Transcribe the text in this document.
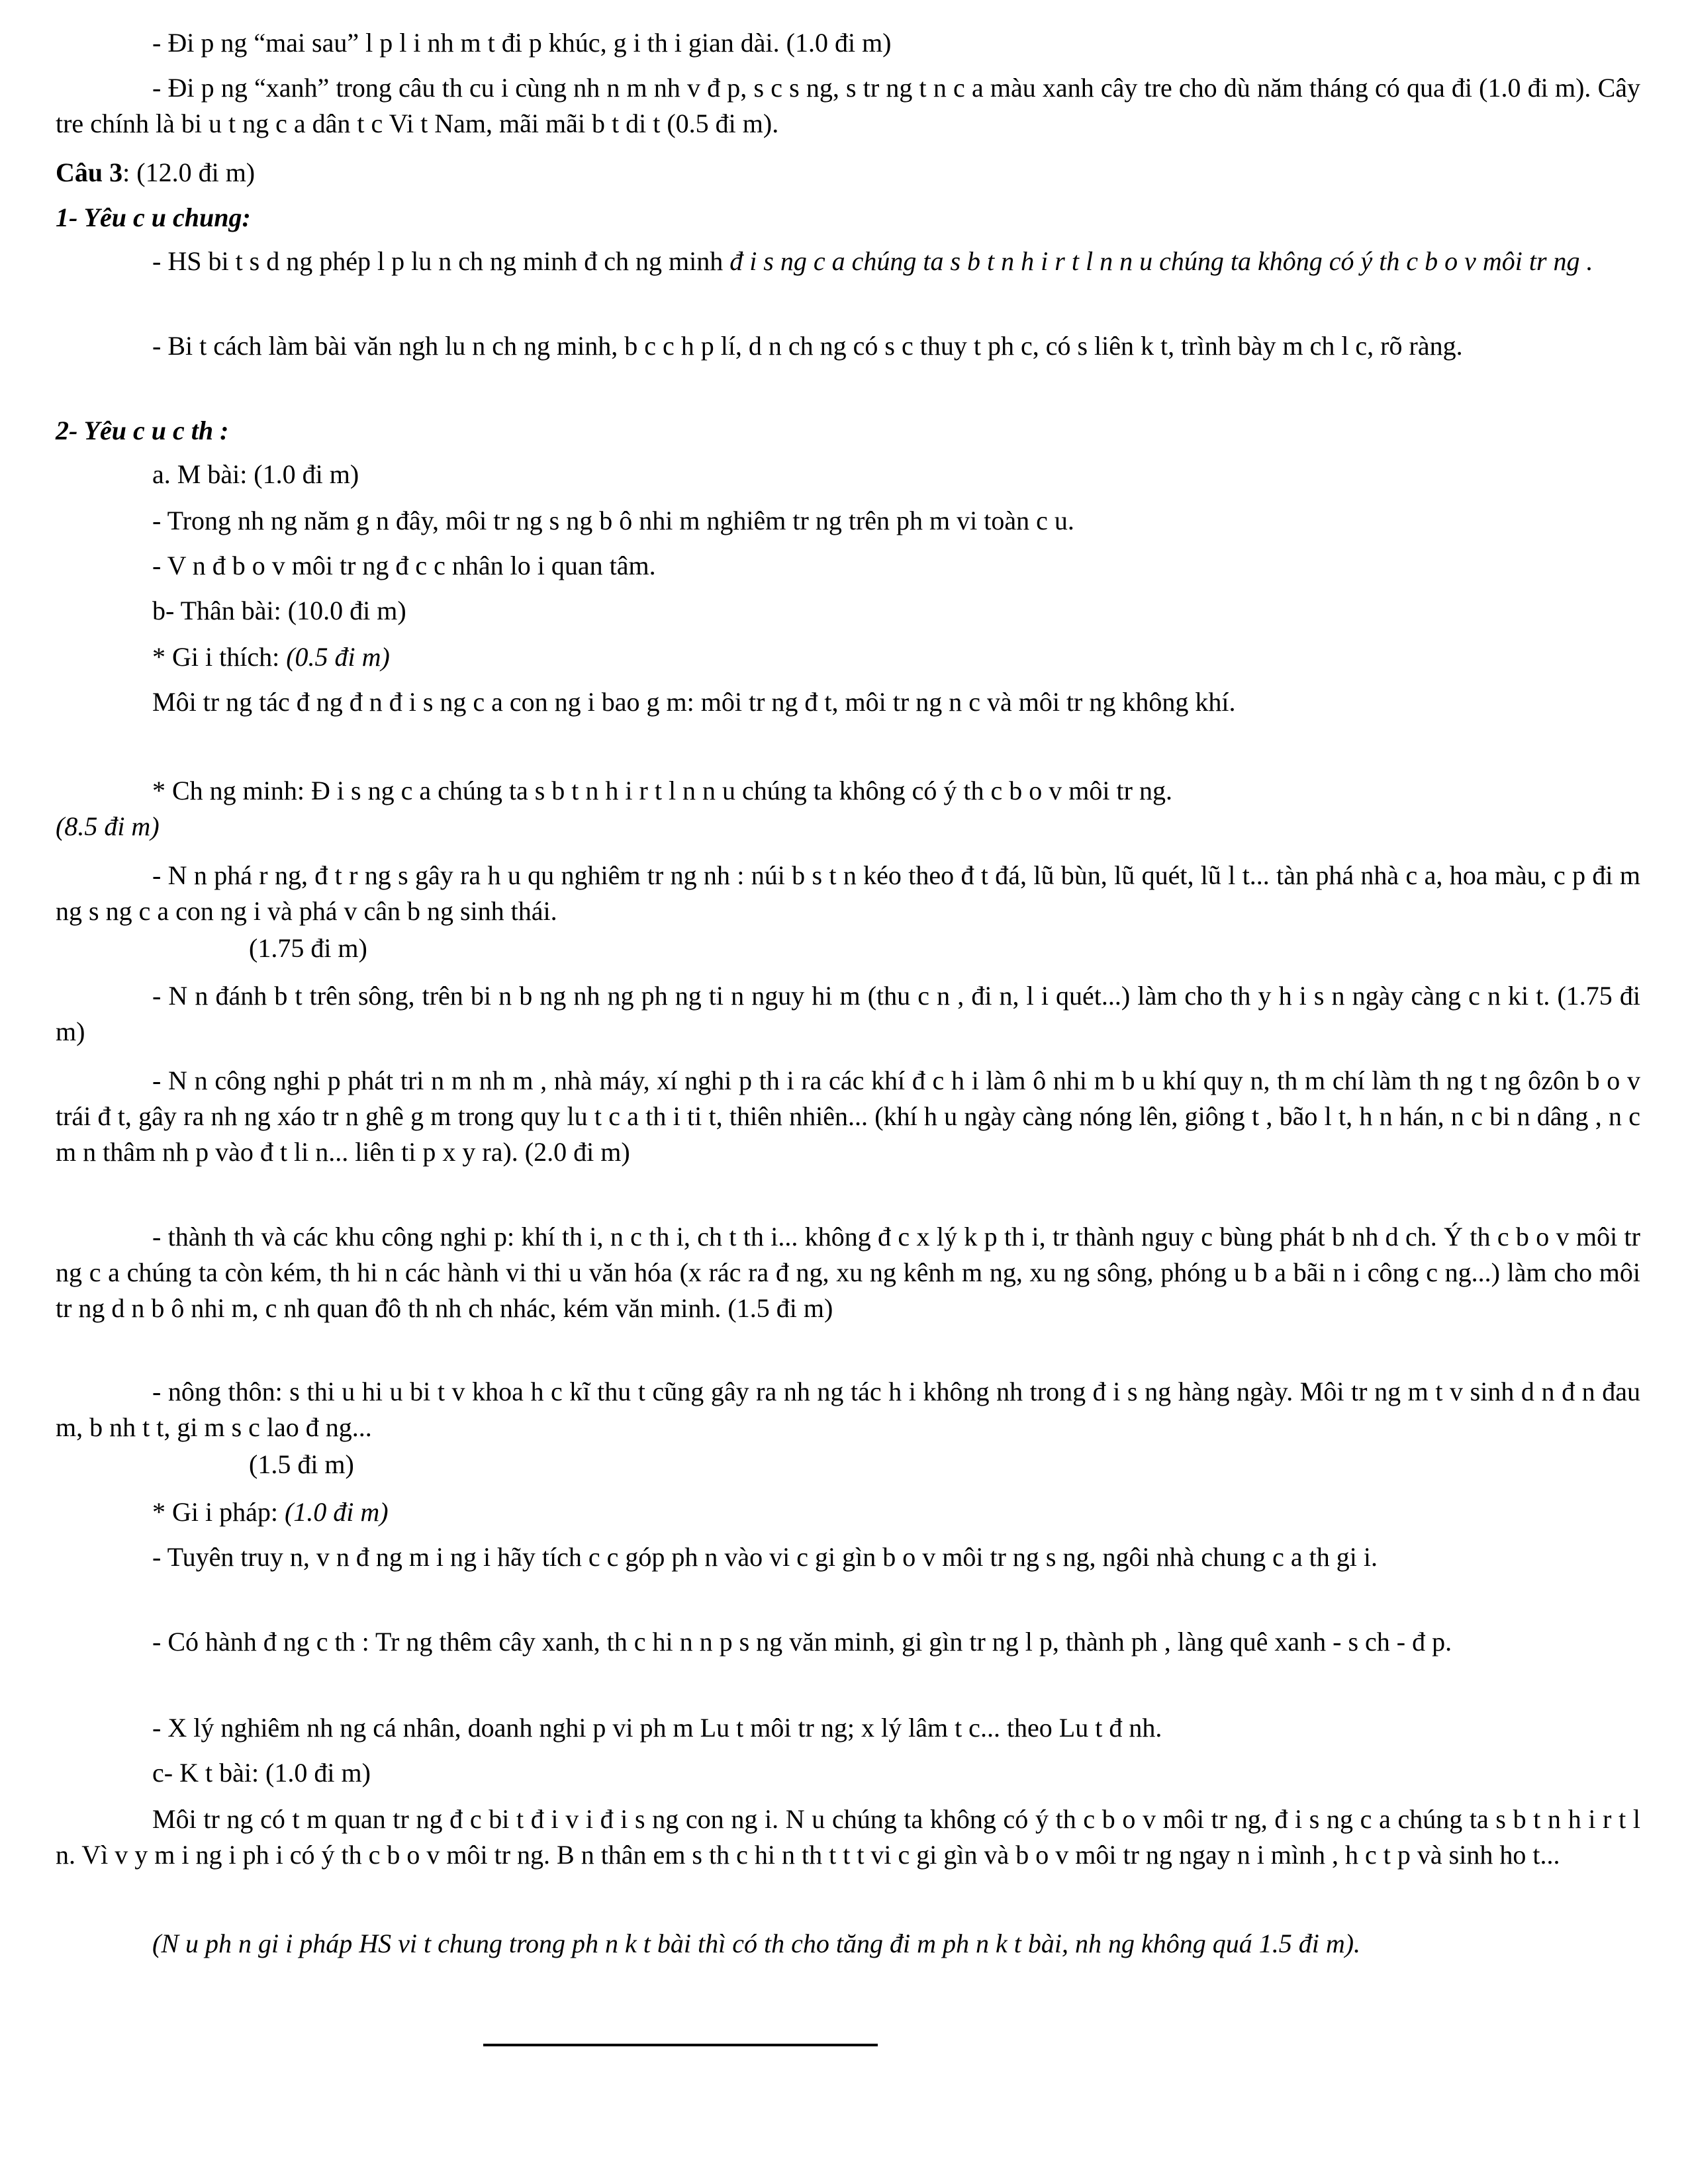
- Đi p ng “mai sau” l p l i nh m t đi p khúc, g i th i gian dài. (1.0 đi m)

- Đi p ng “xanh” trong câu th cu i cùng nh n m nh v đ p, s c s ng, s tr ng t n c a màu xanh cây tre cho dù năm tháng có qua đi (1.0 đi m). Cây tre chính là bi u t ng c a dân t c Vi t Nam, mãi mãi b t di t (0.5 đi m).

Câu 3: (12.0 đi m)

1- Yêu c u chung:

- HS bi t s d ng phép l p lu n ch ng minh đ ch ng minh đ i s ng c a chúng ta s b t n h i r t l n n u chúng ta không có ý th c b o v môi tr ng .

- Bi t cách làm bài văn ngh lu n ch ng minh, b c c h p lí, d n ch ng có s c thuy t ph c, có s liên k t, trình bày m ch l c, rõ ràng.

2- Yêu c u c th :

a. M bài: (1.0 đi m)

- Trong nh ng năm g n đây, môi tr ng s ng b ô nhi m nghiêm tr ng trên ph m vi toàn c u.

- V n đ b o v môi tr ng đ c c nhân lo i quan tâm.

b- Thân bài: (10.0 đi m)

* Gi i thích: (0.5 đi m)

Môi tr ng tác đ ng đ n đ i s ng c a con ng i bao g m: môi tr ng đ t, môi tr ng n c và môi tr ng không khí.

* Ch ng minh: Đ i s ng c a chúng ta s b t n h i r t l n n u chúng ta không có ý th c b o v môi tr ng.

(8.5 đi m)

- N n phá r ng, đ t r ng s gây ra h u qu nghiêm tr ng nh : núi b s t n kéo theo đ t đá, lũ bùn, lũ quét, lũ l t... tàn phá nhà c a, hoa màu, c p đi m ng s ng c a con ng i và phá v cân b ng sinh thái.

(1.75 đi m)

- N n đánh b t trên sông, trên bi n b ng nh ng ph ng ti n nguy hi m (thu c n , đi n, l i quét...) làm cho th y h i s n ngày càng c n ki t. (1.75 đi m)

- N n công nghi p phát tri n m nh m , nhà máy, xí nghi p th i ra các khí đ c h i làm ô nhi m b u khí quy n, th m chí làm th ng t ng ôzôn b o v trái đ t, gây ra nh ng xáo tr n ghê g m trong quy lu t c a th i ti t, thiên nhiên... (khí h u ngày càng nóng lên, giông t , bão l t, h n hán, n c bi n dâng , n c m n thâm nh p vào đ t li n... liên ti p x y ra). (2.0 đi m)

- thành th và các khu công nghi p: khí th i, n c th i, ch t th i... không đ c x lý k p th i, tr thành nguy c bùng phát b nh d ch. Ý th c b o v môi tr ng c a chúng ta còn kém, th hi n các hành vi thi u văn hóa (x rác ra đ ng, xu ng kênh m ng, xu ng sông, phóng u b a bãi n i công c ng...) làm cho môi tr ng d n b ô nhi m, c nh quan đô th nh ch nhác, kém văn minh. (1.5 đi m)

- nông thôn: s thi u hi u bi t v khoa h c kĩ thu t cũng gây ra nh ng tác h i không nh trong đ i s ng hàng ngày. Môi tr ng m t v sinh d n đ n đau m, b nh t t, gi m s c lao đ ng...

(1.5 đi m)

* Gi i pháp: (1.0 đi m)

- Tuyên truy n, v n đ ng m i ng i hãy tích c c góp ph n vào vi c gi gìn b o v môi tr ng s ng, ngôi nhà chung c a th gi i.

- Có hành đ ng c th : Tr ng thêm cây xanh, th c hi n n p s ng văn minh, gi gìn tr ng l p, thành ph , làng quê xanh - s ch - đ p.

- X lý nghiêm nh ng cá nhân, doanh nghi p vi ph m Lu t môi tr ng; x lý lâm t c... theo Lu t đ nh.

c- K t bài: (1.0 đi m)

Môi tr ng có t m quan tr ng đ c bi t đ i v i đ i s ng con ng i. N u chúng ta không có ý th c b o v môi tr ng, đ i s ng c a chúng ta s b t n h i r t l n. Vì v y m i ng i ph i có ý th c b o v môi tr ng. B n thân em s th c hi n th t t t vi c gi gìn và b o v môi tr ng ngay n i mình , h c t p và sinh ho t...

(N u ph n gi i pháp HS vi t chung trong ph n k t bài thì có th cho tăng đi m ph n k t bài, nh ng không quá 1.5 đi m).
